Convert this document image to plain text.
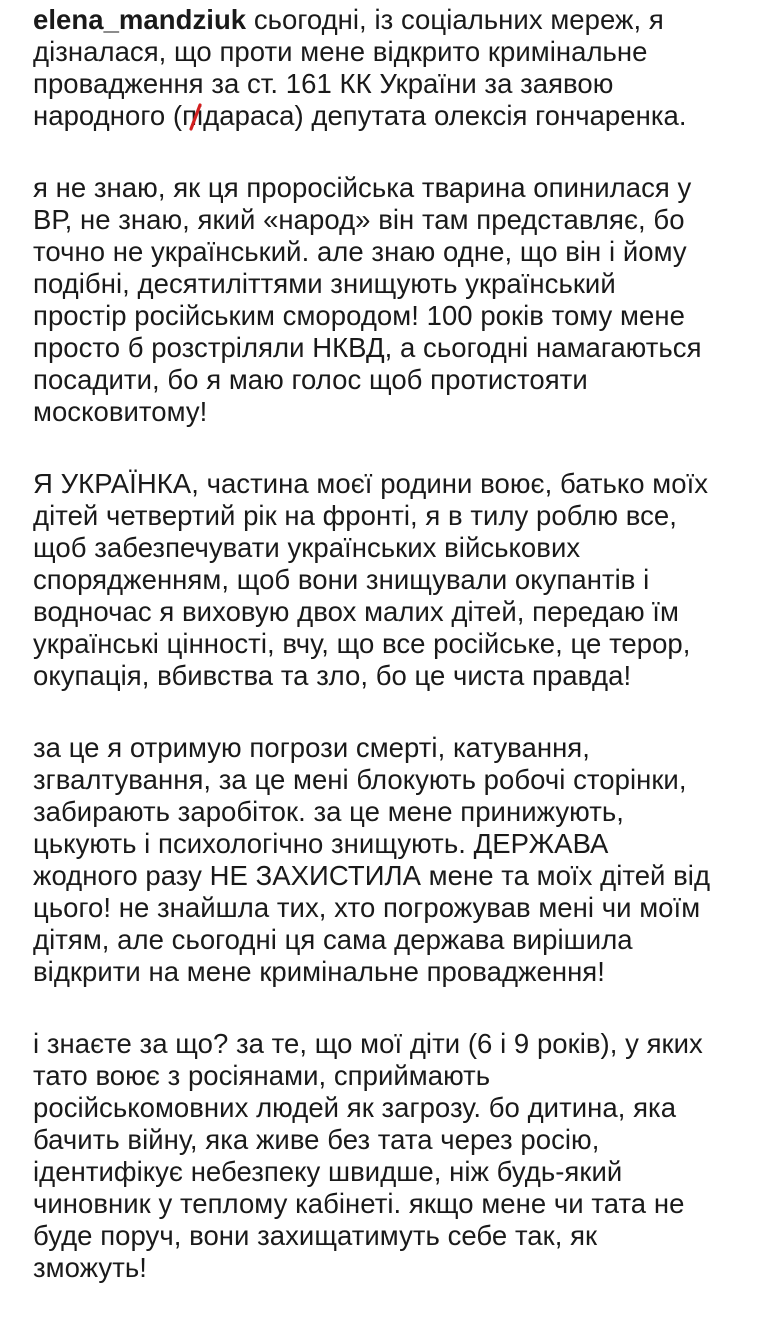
elena_mandziuk сьогодні, із соціальних мереж, я
дізналася, що проти мене відкрито кримінальне
провадження за ст. 161 КК України за заявою
народного (пі
дараса) депутата олексія гончаренка.

я не знаю, як ця проросійська тварина опинилася у
ВР, не знаю, який «народ» він там представляє, бо
точно не український. але знаю одне, що він і йому
подібні, десятиліттями знищують український
простір російським смородом! 100 років тому мене
просто б розстріляли НКВД, а сьогодні намагаються
посадити, бо я маю голос щоб протистояти
московитому!

Я УКРАЇНКА, частина моєї родини воює, батько моїх
дітей четвертий рік на фронті, я в тилу роблю все,
щоб забезпечувати українських військових
спорядженням, щоб вони знищували окупантів і
водночас я виховую двох малих дітей, передаю їм
українські цінності, вчу, що все російське, це терор,
окупація, вбивства та зло, бо це чиста правда!

за це я отримую погрози смерті, катування,
згвалтування, за це мені блокують робочі сторінки,
забирають заробіток. за це мене принижують,
цькують і психологічно знищують. ДЕРЖАВА
жодного разу НЕ ЗАХИСТИЛА мене та моїх дітей від
цього! не знайшла тих, хто погрожував мені чи моїм
дітям, але сьогодні ця сама держава вирішила
відкрити на мене кримінальне провадження!

і знаєте за що? за те, що мої діти (6 і 9 років), у яких
тато воює з росіянами, сприймають
російськомовних людей як загрозу. бо дитина, яка
бачить війну, яка живе без тата через росію,
ідентифікує небезпеку швидше, ніж будь-який
чиновник у теплому кабінеті. якщо мене чи тата не
буде поруч, вони захищатимуть себе так, як
зможуть!
